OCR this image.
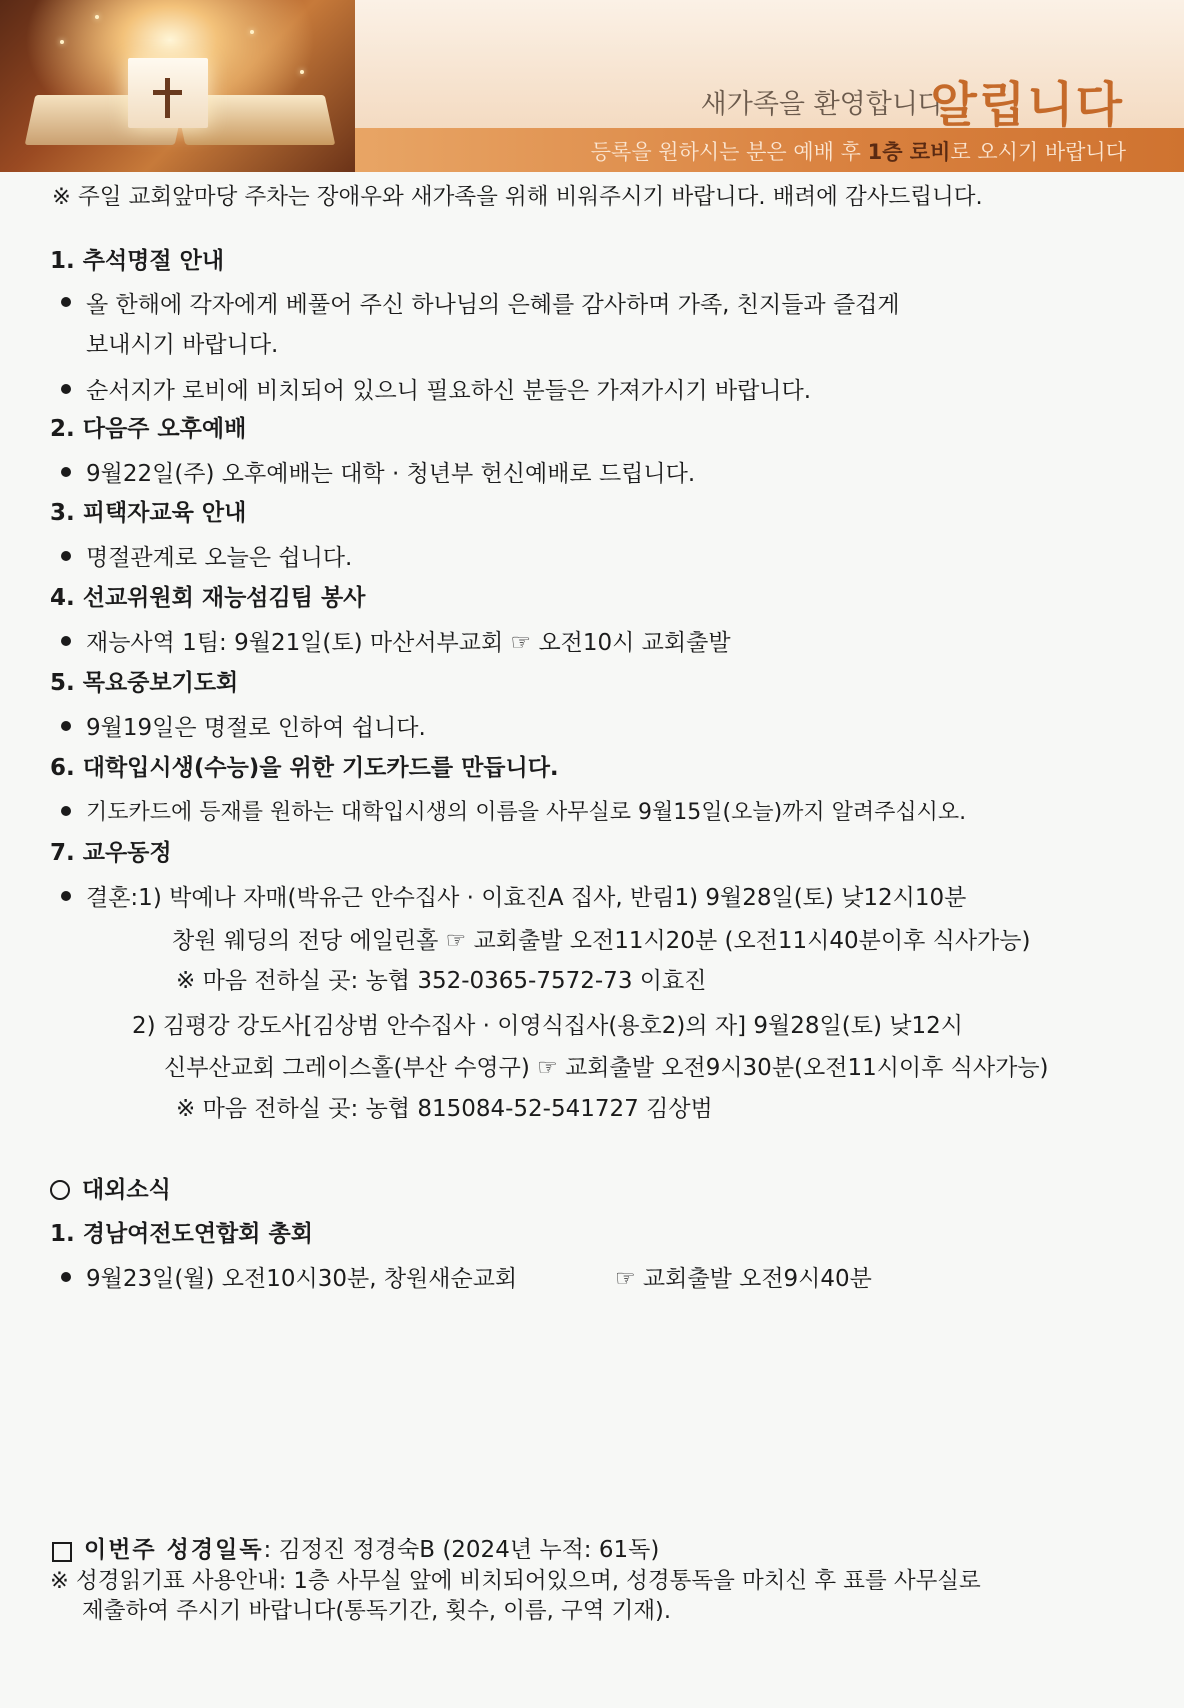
새가족을 환영합니다
알립니다
등록을 원하시는 분은 예배 후 1층 로비로 오시기 바랍니다
※ 주일 교회앞마당 주차는 장애우와 새가족을 위해 비워주시기 바랍니다. 배려에 감사드립니다.
1. 추석명절 안내
올 한해에 각자에게 베풀어 주신 하나님의 은혜를 감사하며 가족, 친지들과 즐겁게
보내시기 바랍니다.
순서지가 로비에 비치되어 있으니 필요하신 분들은 가져가시기 바랍니다.
2. 다음주 오후예배
9월22일(주) 오후예배는 대학 · 청년부 헌신예배로 드립니다.
3. 피택자교육 안내
명절관계로 오늘은 쉽니다.
4. 선교위원회 재능섬김팀 봉사
재능사역 1팀: 9월21일(토) 마산서부교회 ☞ 오전10시 교회출발
5. 목요중보기도회
9월19일은 명절로 인하여 쉽니다.
6. 대학입시생(수능)을 위한 기도카드를 만듭니다.
기도카드에 등재를 원하는 대학입시생의 이름을 사무실로 9월15일(오늘)까지 알려주십시오.
7. 교우동정
결혼:1) 박예나 자매(박유근 안수집사 · 이효진A 집사, 반림1) 9월28일(토) 낮12시10분
창원 웨딩의 전당 에일린홀 ☞ 교회출발 오전11시20분 (오전11시40분이후 식사가능)
※ 마음 전하실 곳: 농협 352-0365-7572-73 이효진
2) 김평강 강도사[김상범 안수집사 · 이영식집사(용호2)의 자] 9월28일(토) 낮12시
신부산교회 그레이스홀(부산 수영구) ☞ 교회출발 오전9시30분(오전11시이후 식사가능)
※ 마음 전하실 곳: 농협 815084-52-541727 김상범
대외소식
1. 경남여전도연합회 총회
9월23일(월) 오전10시30분, 창원새순교회	☞ 교회출발 오전9시40분
이번주 성경일독: 김정진 정경숙B (2024년 누적: 61독)
※ 성경읽기표 사용안내: 1층 사무실 앞에 비치되어있으며, 성경통독을 마치신 후 표를 사무실로
제출하여 주시기 바랍니다(통독기간, 횟수, 이름, 구역 기재).
